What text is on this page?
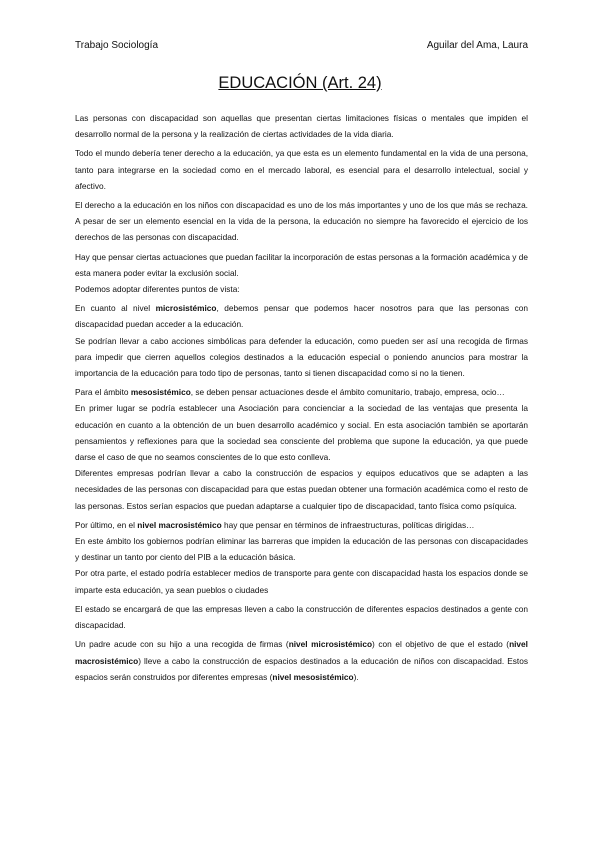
Trabajo Sociología	Aguilar del Ama, Laura
EDUCACIÓN (Art. 24)

Las personas con discapacidad son aquellas que presentan ciertas limitaciones físicas o mentales que impiden el desarrollo normal de la persona y la realización de ciertas actividades de la vida diaria.

Todo el mundo debería tener derecho a la educación, ya que esta es un elemento fundamental en la vida de una persona, tanto para integrarse en la sociedad como en el mercado laboral, es esencial para el desarrollo intelectual, social y afectivo.

El derecho a la educación en los niños con discapacidad es uno de los más importantes y uno de los que más se rechaza. A pesar de ser un elemento esencial en la vida de la persona, la educación no siempre ha favorecido el ejercicio de los derechos de las personas con discapacidad.

Hay que pensar ciertas actuaciones que puedan facilitar la incorporación de estas personas a la formación académica y de esta manera poder evitar la exclusión social.

Podemos adoptar diferentes puntos de vista:

En cuanto al nivel microsistémico, debemos pensar que podemos hacer nosotros para que las personas con discapacidad puedan acceder a la educación.

Se podrían llevar a cabo acciones simbólicas para defender la educación, como pueden ser así una recogida de firmas para impedir que cierren aquellos colegios destinados a la educación especial o poniendo anuncios para mostrar la importancia de la educación para todo tipo de personas, tanto si tienen discapacidad como si no la tienen.

Para el ámbito mesosistémico, se deben pensar actuaciones desde el ámbito comunitario, trabajo, empresa, ocio…

En primer lugar se podría establecer una Asociación para concienciar a la sociedad de las ventajas que presenta la educación en cuanto a la obtención de un buen desarrollo académico y social. En esta asociación también se aportarán pensamientos y reflexiones para que la sociedad sea consciente del problema que supone la educación, ya que puede darse el caso de que no seamos conscientes de lo que esto conlleva.

Diferentes empresas podrían llevar a cabo la construcción de espacios y equipos educativos que se adapten a las necesidades de las personas con discapacidad para que estas puedan obtener una formación académica como el resto de las personas. Estos serían espacios que puedan adaptarse a cualquier tipo de discapacidad, tanto física como psíquica.

Por último, en el nivel macrosistémico hay que pensar en términos de infraestructuras, políticas dirigidas…

En este ámbito los gobiernos podrían eliminar las barreras que impiden la educación de las personas con discapacidades y destinar un tanto por ciento del PIB a la educación básica.

Por otra parte, el estado podría establecer medios de transporte para gente con discapacidad hasta los espacios donde se imparte esta educación, ya sean pueblos o ciudades

El estado se encargará de que las empresas lleven a cabo la construcción de diferentes espacios destinados a gente con discapacidad.

Un padre acude con su hijo a una recogida de firmas (nivel microsistémico) con el objetivo de que el estado (nivel macrosistémico) lleve a cabo la construcción de espacios destinados a la educación de niños con discapacidad. Estos espacios serán construidos por diferentes empresas (nivel mesosistémico).
